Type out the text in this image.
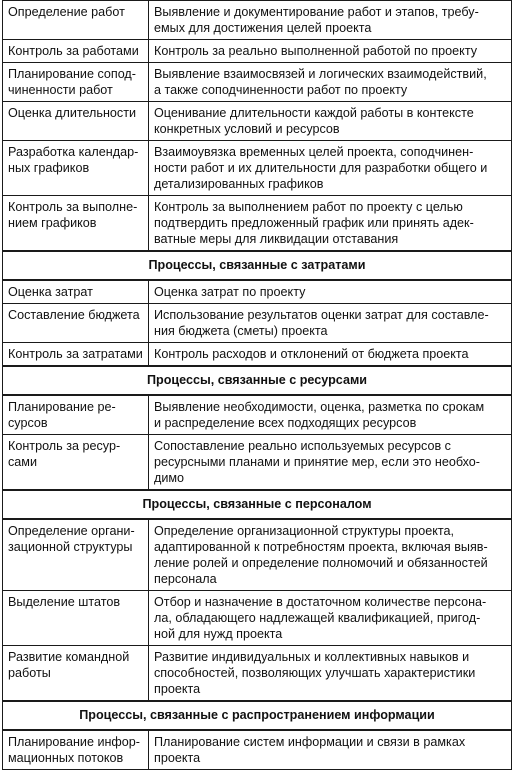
Определение работ	Выявление и документирование работ и этапов, требу-
емых для достижения целей проекта
Контроль за работами	Контроль за реально выполненной работой по проекту
Планирование сопод-
чиненности работ	Выявление взаимосвязей и логических взаимодействий,
а также соподчиненности работ по проекту
Оценка длительности	Оценивание длительности каждой работы в контексте
конкретных условий и ресурсов
Разработка календар-
ных графиков	Взаимоувязка временных целей проекта, соподчинен-
ности работ и их длительности для разработки общего и
детализированных графиков
Контроль за выполне-
нием графиков	Контроль за выполнением работ по проекту с целью
подтвердить предложенный график или принять адек-
ватные меры для ликвидации отставания
Процессы, связанные с затратами	
Оценка затрат	Оценка затрат по проекту
Составление бюджета	Использование результатов оценки затрат для составле-
ния бюджета (сметы) проекта
Контроль за затратами	Контроль расходов и отклонений от бюджета проекта
Процессы, связанные с ресурсами	
Планирование ре-
сурсов	Выявление необходимости, оценка, разметка по срокам
и распределение всех подходящих ресурсов
Контроль за ресур-
сами	Сопоставление реально используемых ресурсов с
ресурсными планами и принятие мер, если это необхо-
димо
Процессы, связанные с персоналом	
Определение органи-
зационной структуры	Определение организационной структуры проекта,
адаптированной к потребностям проекта, включая выяв-
ление ролей и определение полномочий и обязанностей
персонала
Выделение штатов	Отбор и назначение в достаточном количестве персона-
ла, обладающего надлежащей квалификацией, пригод-
ной для нужд проекта
Развитие командной
работы	Развитие индивидуальных и коллективных навыков и
способностей, позволяющих улучшать характеристики
проекта
Процессы, связанные с распространением информации	
Планирование инфор-
мационных потоков	Планирование систем информации и связи в рамках
проекта
